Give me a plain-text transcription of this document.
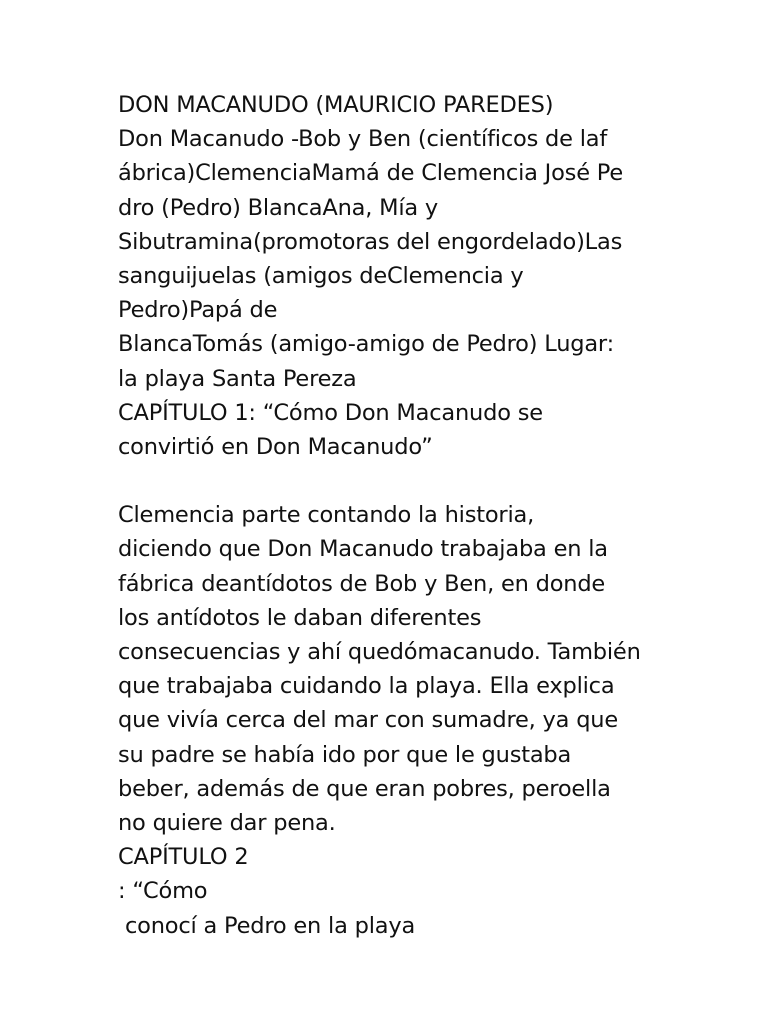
DON MACANUDO (MAURICIO PAREDES)
Don Macanudo -Bob y Ben (científicos de laf
ábrica)ClemenciaMamá de Clemencia José Pe
dro (Pedro) BlancaAna, Mía y
Sibutramina(promotoras del engordelado)Las
sanguijuelas (amigos deClemencia y
Pedro)Papá de
BlancaTomás (amigo-amigo de Pedro) Lugar:
la playa Santa Pereza
CAPÍTULO 1: “Cómo Don Macanudo se
convirtió en Don Macanudo”
Clemencia parte contando la historia,
diciendo que Don Macanudo trabajaba en la
fábrica deantídotos de Bob y Ben, en donde
los antídotos le daban diferentes
consecuencias y ahí quedómacanudo. También
que trabajaba cuidando la playa. Ella explica
que vivía cerca del mar con sumadre, ya que
su padre se había ido por que le gustaba
beber, además de que eran pobres, peroella
no quiere dar pena.
CAPÍTULO 2
: “Cómo
conocí a Pedro en la playa
